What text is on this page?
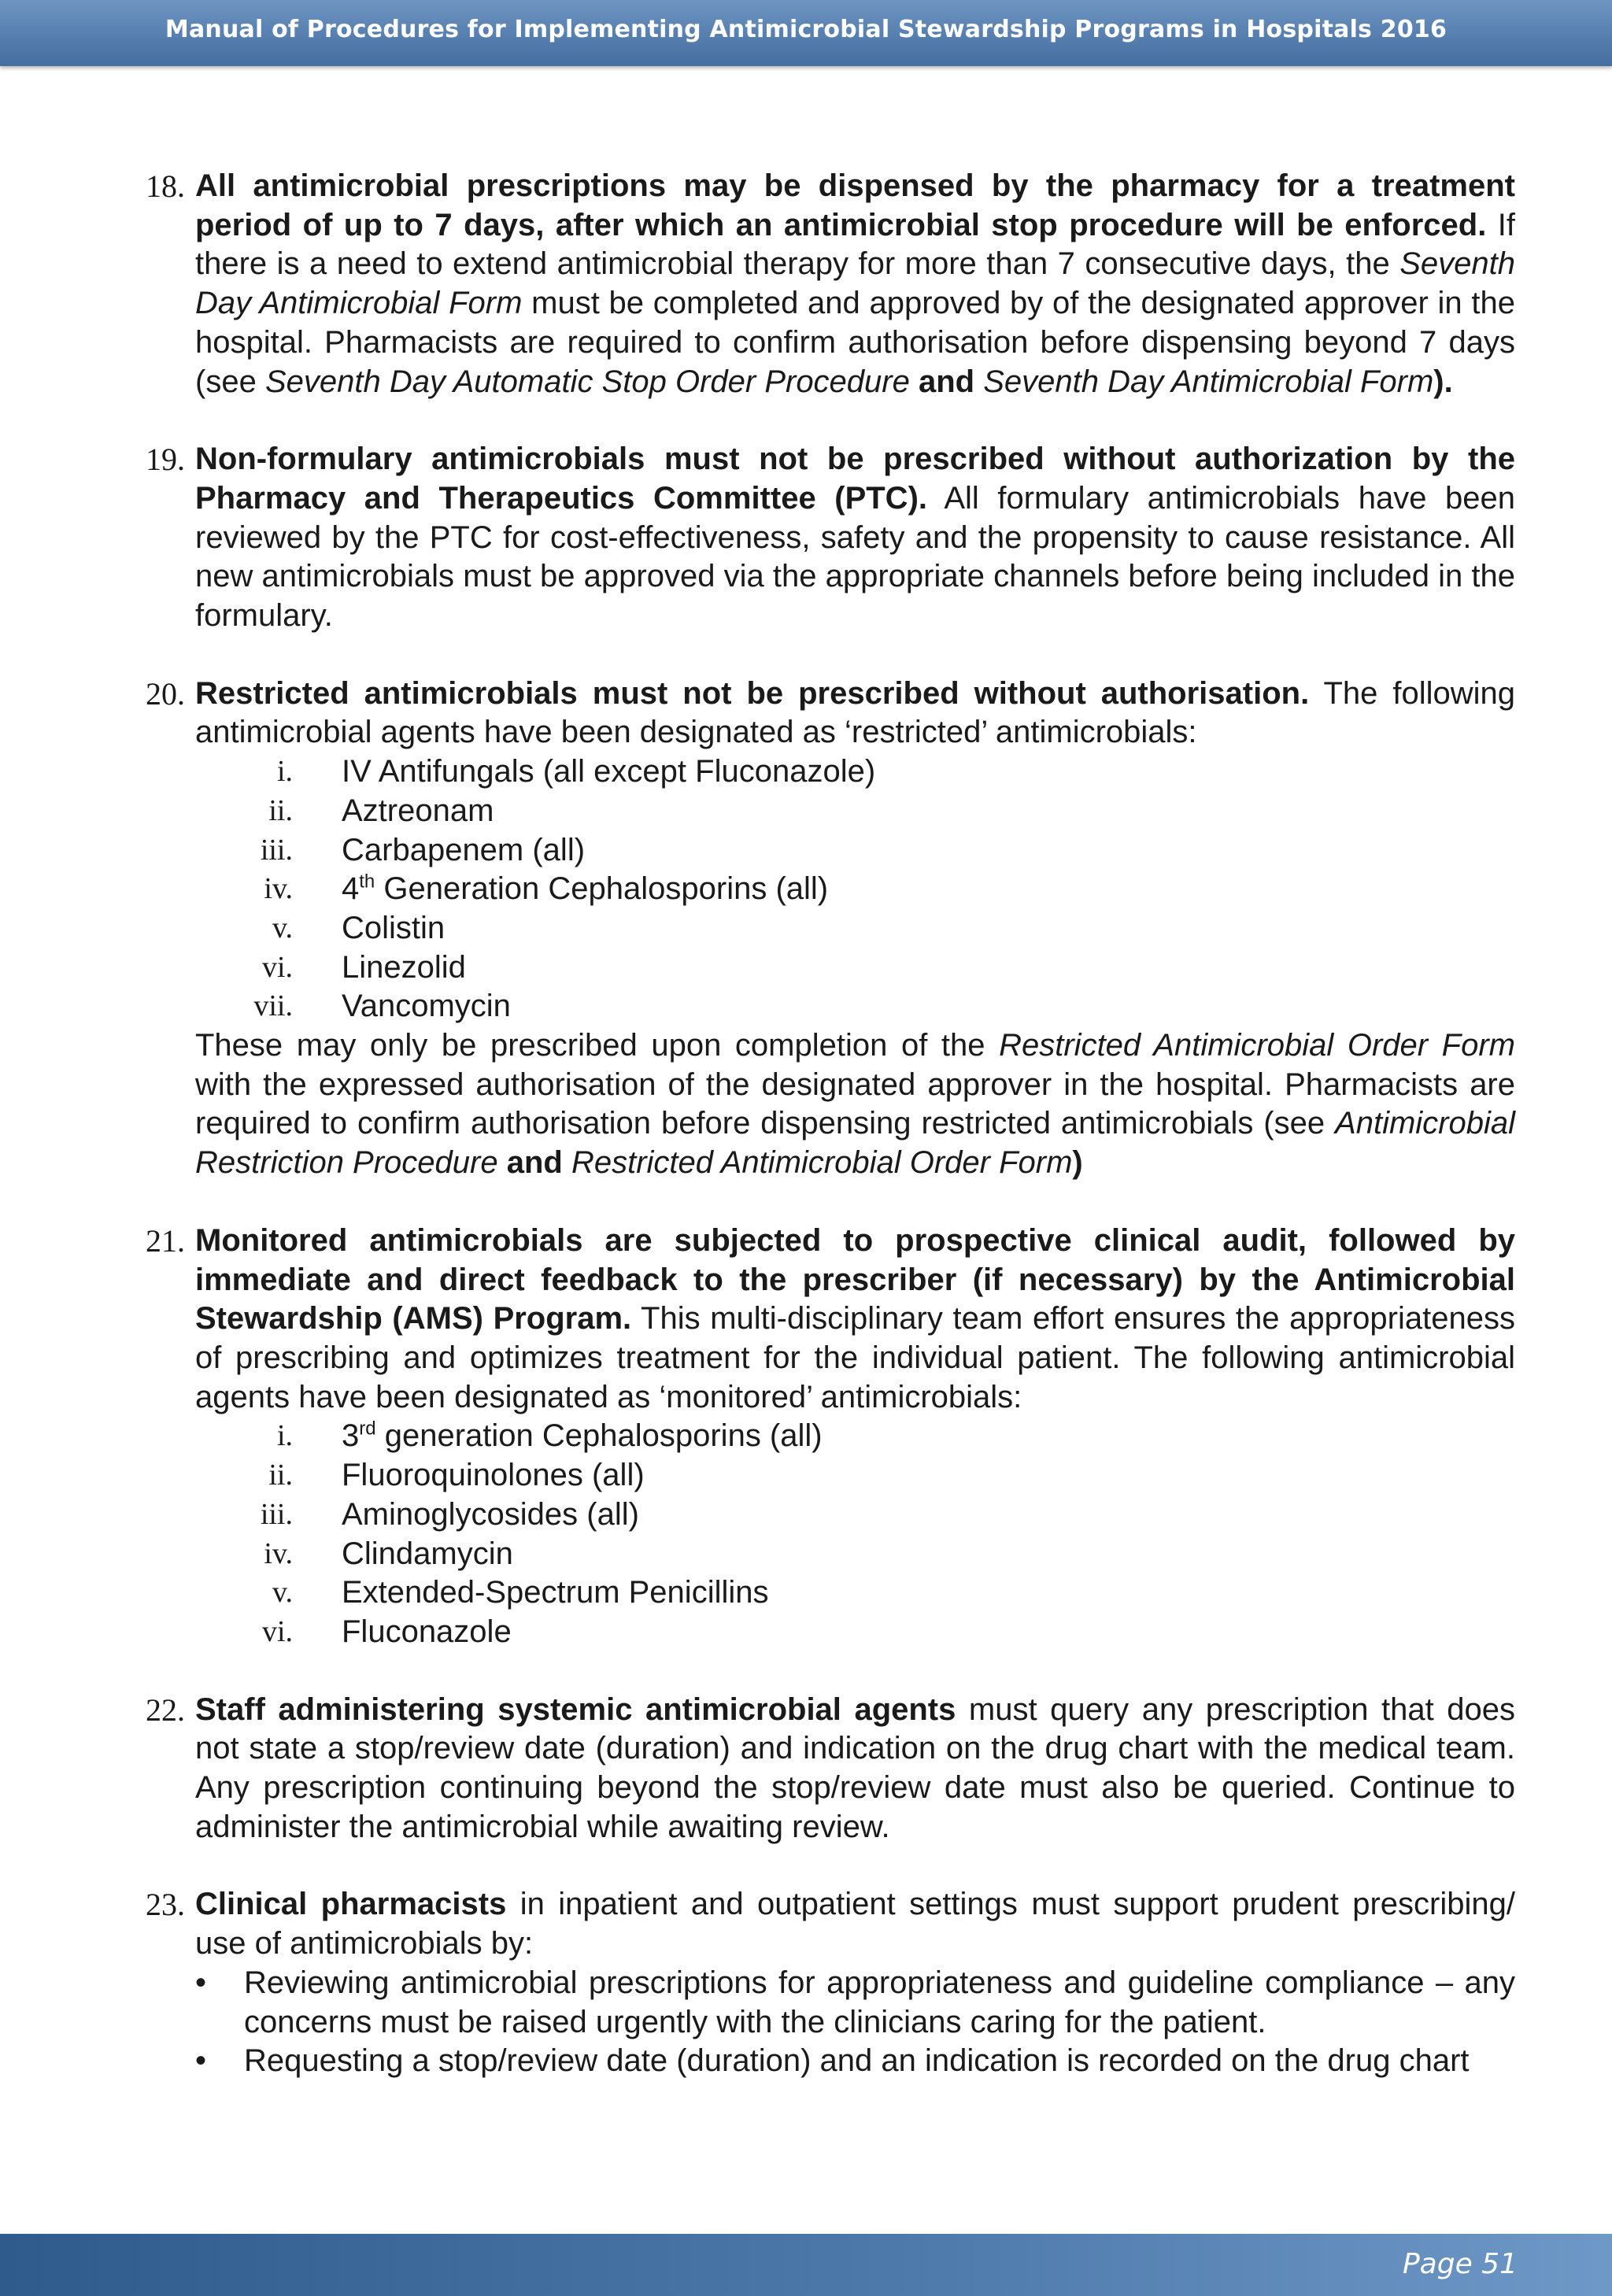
Manual of Procedures for Implementing Antimicrobial Stewardship Programs in Hospitals 2016
18. All antimicrobial prescriptions may be dispensed by the pharmacy for a treatment period of up to 7 days, after which an antimicrobial stop procedure will be enforced. If there is a need to extend antimicrobial therapy for more than 7 consecutive days, the Seventh Day Antimicrobial Form must be completed and approved by of the designated approver in the hospital. Pharmacists are required to confirm authorisation before dispensing beyond 7 days (see Seventh Day Automatic Stop Order Procedure and Seventh Day Antimicrobial Form).
19. Non-formulary antimicrobials must not be prescribed without authorization by the Pharmacy and Therapeutics Committee (PTC). All formulary antimicrobials have been reviewed by the PTC for cost-effectiveness, safety and the propensity to cause resistance. All new antimicrobials must be approved via the appropriate channels before being included in the formulary.
20. Restricted antimicrobials must not be prescribed without authorisation. The following antimicrobial agents have been designated as ‘restricted’ antimicrobials:
i. IV Antifungals (all except Fluconazole)
ii. Aztreonam
iii. Carbapenem (all)
iv. 4th Generation Cephalosporins (all)
v. Colistin
vi. Linezolid
vii. Vancomycin
These may only be prescribed upon completion of the Restricted Antimicrobial Order Form with the expressed authorisation of the designated approver in the hospital. Pharmacists are required to confirm authorisation before dispensing restricted antimicrobials (see Antimicrobial Restriction Procedure and Restricted Antimicrobial Order Form)
21. Monitored antimicrobials are subjected to prospective clinical audit, followed by immediate and direct feedback to the prescriber (if necessary) by the Antimicrobial Stewardship (AMS) Program. This multi-disciplinary team effort ensures the appropriateness of prescribing and optimizes treatment for the individual patient. The following antimicrobial agents have been designated as ‘monitored’ antimicrobials:
i. 3rd generation Cephalosporins (all)
ii. Fluoroquinolones (all)
iii. Aminoglycosides (all)
iv. Clindamycin
v. Extended-Spectrum Penicillins
vi. Fluconazole
22. Staff administering systemic antimicrobial agents must query any prescription that does not state a stop/review date (duration) and indication on the drug chart with the medical team. Any prescription continuing beyond the stop/review date must also be queried. Continue to administer the antimicrobial while awaiting review.
23. Clinical pharmacists in inpatient and outpatient settings must support prudent prescribing/ use of antimicrobials by:
• Reviewing antimicrobial prescriptions for appropriateness and guideline compliance – any concerns must be raised urgently with the clinicians caring for the patient.
• Requesting a stop/review date (duration) and an indication is recorded on the drug chart
Page 51
